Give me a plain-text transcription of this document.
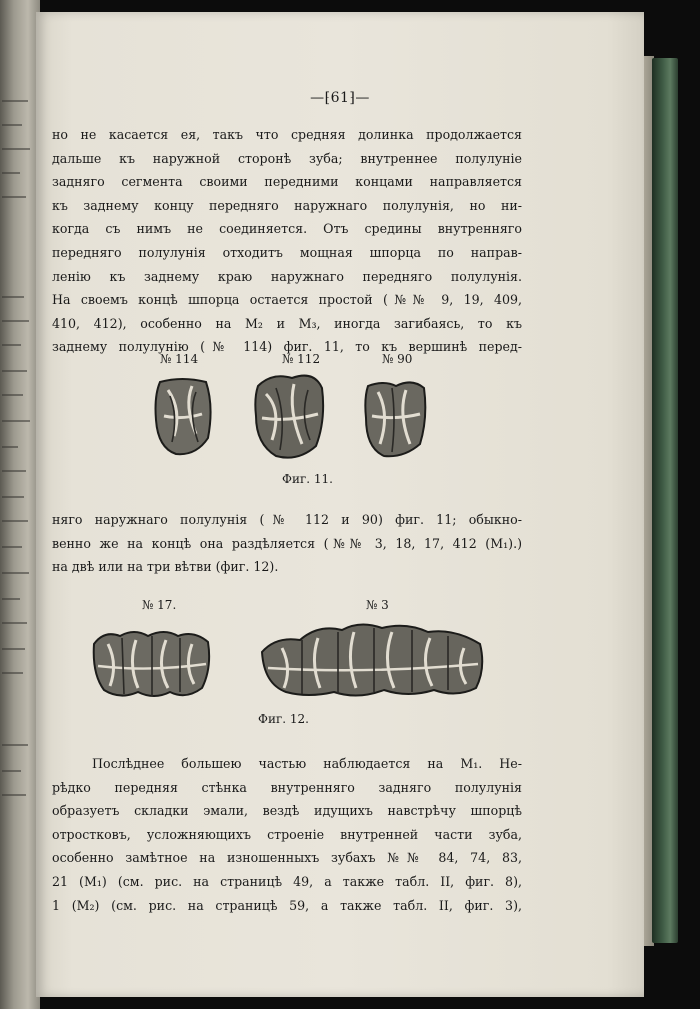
—⁅61⁆—
но не касается ея, такъ что средняя долинка продолжается
дальше къ наружной сторонѣ зуба; внутреннее полулуніе
задняго сегмента своими передними концами направляется
къ заднему концу передняго наружнаго полулунія, но ни-
когда съ нимъ не соединяется. Отъ средины внутренняго
передняго полулунія отходитъ мощная шпорца по направ-
ленію къ заднему краю наружнаго передняго полулунія.
На своемъ концѣ шпорца остается простой (№№ 9, 19, 409,
410, 412), особенно на M₂ и M₃, иногда загибаясь, то къ
заднему полулунію (№ 114) фиг. 11, то къ вершинѣ перед-
№ 114	№ 112	№ 90
Фиг. 11.
няго наружнаго полулунія (№ 112 и 90) фиг. 11; обыкно-
венно же на концѣ она раздѣляется (№№ 3, 18, 17, 412 (M₁).)
на двѣ или на три вѣтви (фиг. 12).
№ 17.	№ 3
Фиг. 12.
Послѣднее большею частью наблюдается на M₁. Не-
рѣдко передняя стѣнка внутренняго задняго полулунія
образуетъ складки эмали, вездѣ идущихъ навстрѣчу шпорцѣ
отростковъ, усложняющихъ строеніе внутренней части зуба,
особенно замѣтное на изношенныхъ зубахъ №№ 84, 74, 83,
21 (M₁) (см. рис. на страницѣ 49, а также табл. II, фиг. 8),
1 (M₂) (см. рис. на страницѣ 59, а также табл. II, фиг. 3),
